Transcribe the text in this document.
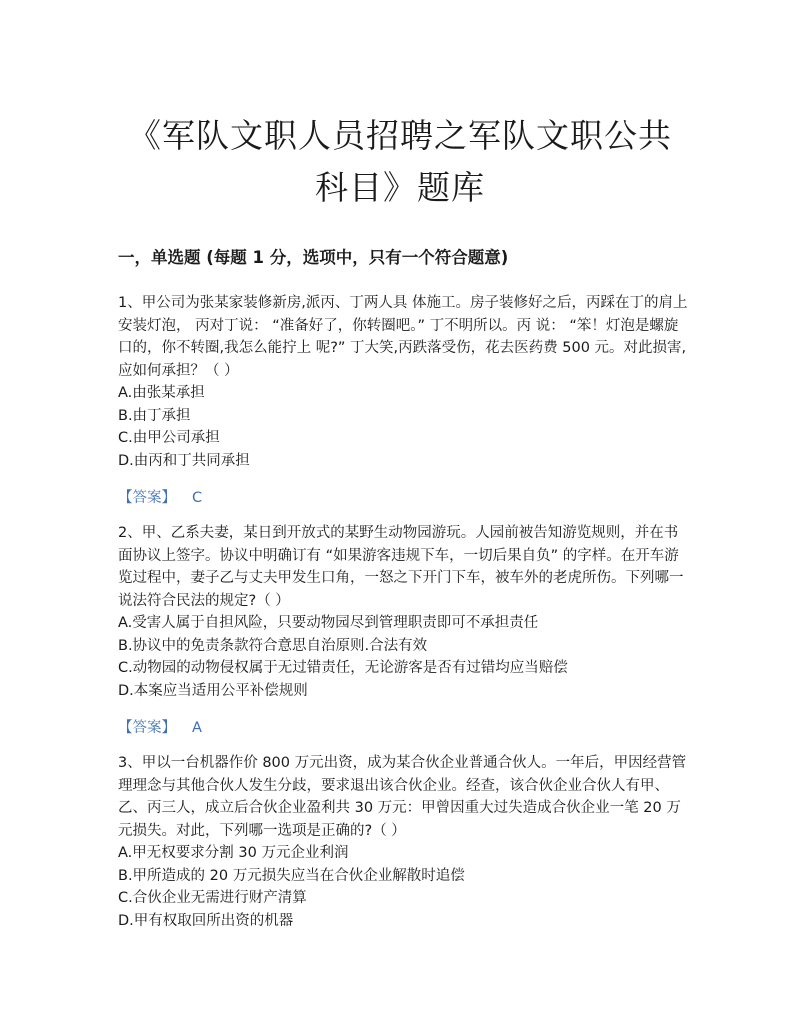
《军队文职人员招聘之军队文职公共
科目》题库
一，单选题 (每题 1 分，选项中，只有一个符合题意)

1、甲公司为张某家装修新房,派丙、丁两人具 体施工。房子装修好之后，丙踩在丁的肩上安装灯泡， 丙对丁说： “准备好了，你转圈吧。” 丁不明所以。丙 说： “笨！灯泡是螺旋口的，你不转圈,我怎么能拧上 呢?” 丁大笑,丙跌落受伤，花去医药费 500 元。对此损害,应如何承担？（ ）

A.由张某承担

B.由丁承担

C.由甲公司承担

D.由丙和丁共同承担

【答案】 C

2、甲、乙系夫妻，某日到开放式的某野生动物园游玩。人园前被告知游览规则，并在书面协议上签字。协议中明确订有 “如果游客违规下车，一切后果自负” 的字样。在开车游览过程中，妻子乙与丈夫甲发生口角，一怒之下开门下车，被车外的老虎所伤。下列哪一说法符合民法的规定?（ ）

A.受害人属于自担风险，只要动物园尽到管理职责即可不承担责任

B.协议中的免责条款符合意思自治原则.合法有效

C.动物园的动物侵权属于无过错责任，无论游客是否有过错均应当赔偿

D.本案应当适用公平补偿规则

【答案】 A

3、甲以一台机器作价 800 万元出资，成为某合伙企业普通合伙人。一年后，甲因经营管理理念与其他合伙人发生分歧，要求退出该合伙企业。经查，该合伙企业合伙人有甲、乙、丙三人，成立后合伙企业盈利共 30 万元：甲曾因重大过失造成合伙企业一笔 20 万元损失。对此，下列哪一选项是正确的?（ ）

A.甲无权要求分割 30 万元企业利润

B.甲所造成的 20 万元损失应当在合伙企业解散时追偿

C.合伙企业无需进行财产清算

D.甲有权取回所出资的机器
